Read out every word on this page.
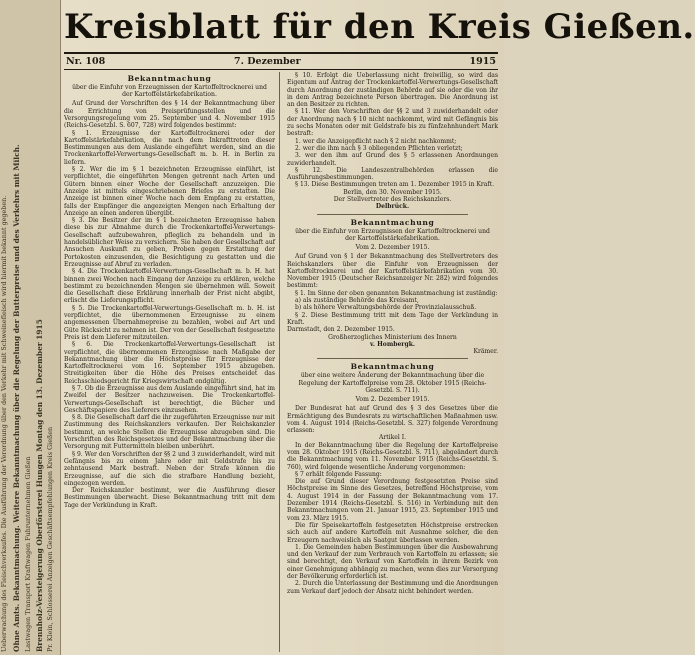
Ueberwachung des Fleischverkaufes. Die Ausführung der Verordnung über den Verkehr mit Schweinefleisch wird hiermit bekannt gegeben. Ohne Amts. Bekanntmachung. Weitere Bekanntmachung über die Regelung der Butterpreise und des Verkehrs mit Milch. Lastwagen Transport Kraftwagen Fuhrunternehmen Gießen Brennholz-Versteigerung Oberförsterei Hungen Montag den 13. Dezember 1915 Pr. Klein, Schlosserei Anzeigen Geschäftsempfehlungen Kreis Gießen
Kreisblatt für den Kreis Gießen.
Nr. 108	7. Dezember	1915
Bekanntmachung
über die Einfuhr von Erzeugnissen der Kartoffeltrocknerei und der Kartoffelstärkefabrikation.

Auf Grund der Vorschriften des § 14 der Bekanntmachung über die Errichtung von Preisprüfungsstellen und die Versorgungsregelung vom 25. September und 4. November 1915 (Reichs-Gesetzbl. S. 607, 728) wird folgendes bestimmt:

§ 1. Erzeugnisse der Kartoffeltrocknerei oder der Kartoffelstärkefabrikation, die nach dem Inkrafttreten dieser Bestimmungen aus dem Auslande eingeführt werden, sind an die Trockenkartoffel-Verwertungs-Gesellschaft m. b. H. in Berlin zu liefern.

§ 2. Wer die im § 1 bezeichneten Erzeugnisse einführt, ist verpflichtet, die eingeführten Mengen getrennt nach Arten und Gütern binnen einer Woche der Gesellschaft anzuzeigen. Die Anzeige ist mittels eingeschriebenen Briefes zu erstatten. Die Anzeige ist binnen einer Woche nach dem Empfang zu erstatten, falls der Empfänger die angezeigten Mengen nach Erhaltung der Anzeige an einen anderen übergibt.

§ 3. Die Besitzer der im § 1 bezeichneten Erzeugnisse haben diese bis zur Abnahme durch die Trockenkartoffel-Verwertungs-Gesellschaft aufzubewahren, pfleglich zu behandeln und in handelsüblicher Weise zu versichern. Sie haben der Gesellschaft auf Ansuchen Auskunft zu geben, Proben gegen Erstattung der Portokosten einzusenden, die Besichtigung zu gestatten und die Erzeugnisse auf Abruf zu verladen.

§ 4. Die Trockenkartoffel-Verwertungs-Gesellschaft m. b. H. hat binnen zwei Wochen nach Eingang der Anzeige zu erklären, welche bestimmt zu bezeichnenden Mengen sie übernehmen will. Soweit die Gesellschaft diese Erklärung innerhalb der Frist nicht abgibt, erlischt die Lieferungspflicht.

§ 5. Die Trockenkartoffel-Verwertungs-Gesellschaft m. b. H. ist verpflichtet, die übernommenen Erzeugnisse zu einem angemessenen Übernahmepreise zu bezahlen, wobei auf Art und Güte Rücksicht zu nehmen ist. Der von der Gesellschaft festgesetzte Preis ist dem Lieferer mitzuteilen.

§ 6. Die Trockenkartoffel-Verwertungs-Gesellschaft ist verpflichtet, die übernommenen Erzeugnisse nach Maßgabe der Bekanntmachung über die Höchstpreise für Erzeugnisse der Kartoffeltrocknerei vom 16. September 1915 abzugeben. Streitigkeiten über die Höhe des Preises entscheidet das Reichsschiedsgericht für Kriegswirtschaft endgültig.

§ 7. Ob die Erzeugnisse aus dem Auslande eingeführt sind, hat im Zweifel der Besitzer nachzuweisen. Die Trockenkartoffel-Verwertungs-Gesellschaft ist berechtigt, die Bücher und Geschäftspapiere des Lieferers einzusehen.

§ 8. Die Gesellschaft darf die ihr zugeführten Erzeugnisse nur mit Zustimmung des Reichskanzlers verkaufen. Der Reichskanzler bestimmt, an welche Stellen die Erzeugnisse abzugeben sind. Die Vorschriften des Reichsgesetzes und der Bekanntmachung über die Versorgung mit Futtermitteln bleiben unberührt.

§ 9. Wer den Vorschriften der §§ 2 und 3 zuwiderhandelt, wird mit Gefängnis bis zu einem Jahre oder mit Geldstrafe bis zu zehntausend Mark bestraft. Neben der Strafe können die Erzeugnisse, auf die sich die strafbare Handlung bezieht, eingezogen werden.

Der Reichskanzler bestimmt, wer die Ausführung dieser Bestimmungen überwacht. Diese Bekanntmachung tritt mit dem Tage der Verkündung in Kraft.

§ 10. Erfolgt die Ueberlassung nicht freiwillig, so wird das Eigentum auf Antrag der Trockenkartoffel-Verwertungs-Gesellschaft durch Anordnung der zuständigen Behörde auf sie oder die von ihr in dem Antrag bezeichnete Person übertragen. Die Anordnung ist an den Besitzer zu richten.

§ 11. Wer den Vorschriften der §§ 2 und 3 zuwiderhandelt oder der Anordnung nach § 10 nicht nachkommt, wird mit Gefängnis bis zu sechs Monaten oder mit Geldstrafe bis zu fünfzehnhundert Mark bestraft:

1. wer die Anzeigepflicht nach § 2 nicht nachkommt;

2. wer die ihm nach § 3 obliegenden Pflichten verletzt;

3. wer den ihm auf Grund des § 5 erlassenen Anordnungen zuwiderhandelt.

§ 12. Die Landeszentralbehörden erlassen die Ausführungsbestimmungen.

§ 13. Diese Bestimmungen treten am 1. Dezember 1915 in Kraft.

Berlin, den 30. November 1915.

Der Stellvertreter des Reichskanzlers.

Delbrück.

Bekanntmachung
über die Einfuhr von Erzeugnissen der Kartoffeltrocknerei und der Kartoffelstärkefabrikation.
Vom 2. Dezember 1915.

Auf Grund von § 1 der Bekanntmachung des Stellvertreters des Reichskanzlers über die Einfuhr von Erzeugnissen der Kartoffeltrocknerei und der Kartoffelstärkefabrikation vom 30. November 1915 (Deutscher Reichsanzeiger Nr. 282) wird folgendes bestimmt:

§ 1. Im Sinne der oben genannten Bekanntmachung ist zuständig:

a) als zuständige Behörde das Kreisamt,

b) als höhere Verwaltungsbehörde der Provinzialausschuß.

§ 2. Diese Bestimmung tritt mit dem Tage der Verkündung in Kraft.

Darmstadt, den 2. Dezember 1915.

Großherzogliches Ministerium des Innern

v. Hombergk.

Krämer.

Bekanntmachung
über eine weitere Änderung der Bekanntmachung über die Regelung der Kartoffelpreise vom 28. Oktober 1915 (Reichs-Gesetzbl. S. 711).
Vom 2. Dezember 1915.

Der Bundesrat hat auf Grund des § 3 des Gesetzes über die Ermächtigung des Bundesrats zu wirtschaftlichen Maßnahmen usw. vom 4. August 1914 (Reichs-Gesetzbl. S. 327) folgende Verordnung erlassen:

Artikel I.

In der Bekanntmachung über die Regelung der Kartoffelpreise vom 28. Oktober 1915 (Reichs-Gesetzbl. S. 711), abgeändert durch die Bekanntmachung vom 11. November 1915 (Reichs-Gesetzbl. S. 760), wird folgende wesentliche Änderung vorgenommen:

§ 7 erhält folgende Fassung:

Die auf Grund dieser Verordnung festgesetzten Preise sind Höchstpreise im Sinne des Gesetzes, betreffend Höchstpreise, vom 4. August 1914 in der Fassung der Bekanntmachung vom 17. Dezember 1914 (Reichs-Gesetzbl. S. 516) in Verbindung mit den Bekanntmachungen vom 21. Januar 1915, 23. September 1915 und vom 23. März 1915.

Die für Speisekartoffeln festgesetzten Höchstpreise erstrecken sich auch auf andere Kartoffeln mit Ausnahme solcher, die den Erzeugern nachweislich als Saatgut überlassen werden.

1. Die Gemeinden haben Bestimmungen über die Ausbewahrung und den Verkauf der zum Verbrauch von Kartoffeln zu erlassen; sie sind berechtigt, den Verkauf von Kartoffeln in ihrem Bezirk von einer Genehmigung abhängig zu machen, wenn dies zur Versorgung der Bevölkerung erforderlich ist.

2. Durch die Unterlassung der Bestimmung und die Anordnungen zum Verkauf darf jedoch der Absatz nicht behindert werden.
